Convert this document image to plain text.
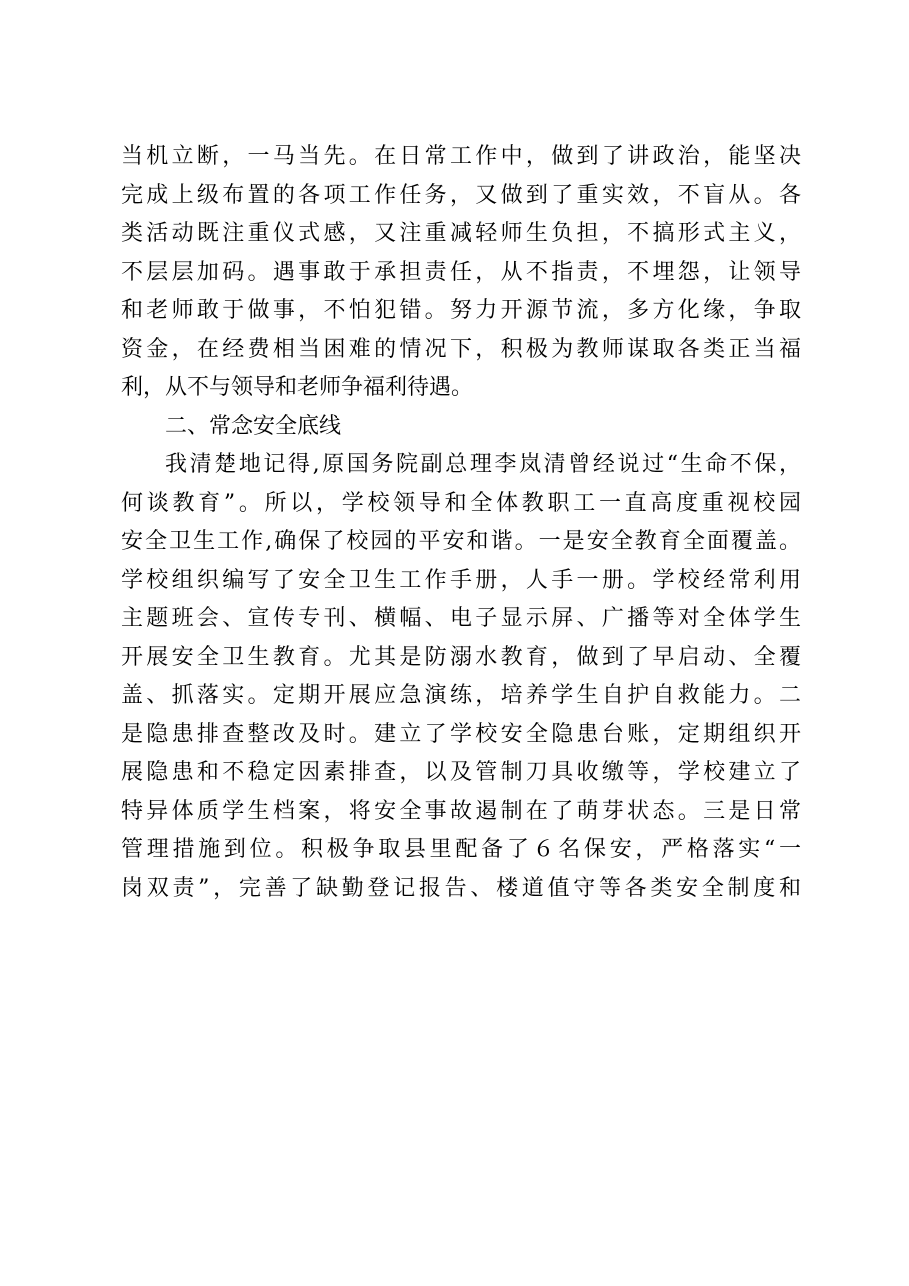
当机立断，一马当先。在日常工作中，做到了讲政治，能坚决
完成上级布置的各项工作任务，又做到了重实效，不盲从。各
类活动既注重仪式感，又注重减轻师生负担，不搞形式主义，
不层层加码。遇事敢于承担责任，从不指责，不埋怨，让领导
和老师敢于做事，不怕犯错。努力开源节流，多方化缘，争取
资金，在经费相当困难的情况下，积极为教师谋取各类正当福
利，从不与领导和老师争福利待遇。
二、常念安全底线
我清楚地记得,原国务院副总理李岚清曾经说过“生命不保，
何谈教育”。所以，学校领导和全体教职工一直高度重视校园
安全卫生工作,确保了校园的平安和谐。一是安全教育全面覆盖。
学校组织编写了安全卫生工作手册，人手一册。学校经常利用
主题班会、宣传专刊、横幅、电子显示屏、广播等对全体学生
开展安全卫生教育。尤其是防溺水教育，做到了早启动、全覆
盖、抓落实。定期开展应急演练，培养学生自护自救能力。二
是隐患排查整改及时。建立了学校安全隐患台账，定期组织开
展隐患和不稳定因素排查，以及管制刀具收缴等，学校建立了
特异体质学生档案，将安全事故遏制在了萌芽状态。三是日常
管理措施到位。积极争取县里配备了６名保安，严格落实“一
岗双责”，完善了缺勤登记报告、楼道值守等各类安全制度和
